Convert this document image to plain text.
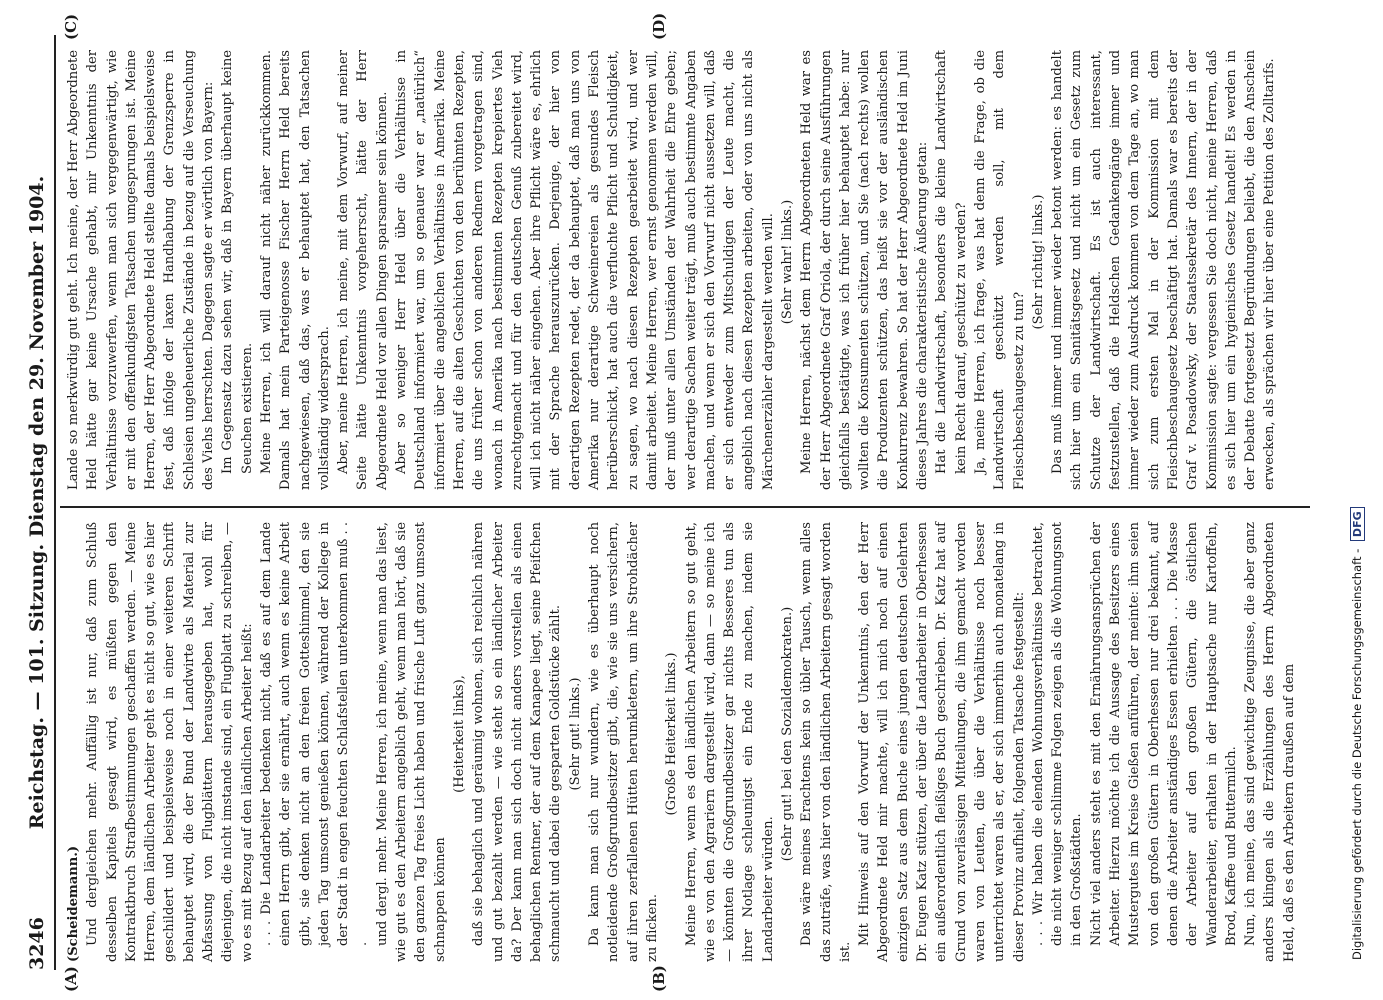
3246
Reichstag. — 101. Sitzung. Dienstag den 29. November 1904.
(A)	(B)
(C)	(D)

(Scheidemann.) Und dergleichen mehr. Auffällig ist nur, daß zum Schluß desselben Kapitels gesagt wird, es müßten gegen den Kontraktbruch Strafbestimmungen geschaffen werden. — Meine Herren, dem ländlichen Arbeiter geht es nicht so gut, wie es hier geschildert und beispielsweise noch in einer weiteren Schrift behauptet wird, die der Bund der Landwirte als Material zur Abfassung von Flugblättern herausgegeben hat, wohl für diejenigen, die nicht imstande sind, ein Flugblatt zu schreiben, — wo es mit Bezug auf den ländlichen Arbeiter heißt: . . . Die Landarbeiter bedenken nicht, daß es auf dem Lande einen Herrn gibt, der sie ernährt, auch wenn es keine Arbeit gibt, sie denken nicht an den freien Gotteshimmel, den sie jeden Tag umsonst genießen können, während der Kollege in der Stadt in engen feuchten Schlafstellen unterkommen muß . . . und dergl. mehr. Meine Herren, ich meine, wenn man das liest, wie gut es den Arbeitern angeblich geht, wenn man hört, daß sie den ganzen Tag freies Licht haben und frische Luft ganz umsonst schnappen können

(Heiterkeit links), daß sie behaglich und geräumig wohnen, sich reichlich nähren und gut bezahlt werden — wie steht so ein ländlicher Arbeiter da? Der kann man sich doch nicht anders vorstellen als einen behaglichen Rentner, der auf dem Kanapee liegt, seine Pfeifchen schmaucht und dabei die gesparten Goldstücke zählt. (Sehr gut! links.) Da kann man sich nur wundern, wie es überhaupt noch notleidende Großgrundbesitzer gibt, die, wie sie uns versichern, auf ihren zerfallenen Hütten herumkletern, um ihre Strohdächer zu flicken.

(Große Heiterkeit links.) Meine Herren, wenn es den ländlichen Arbeitern so gut geht, wie es von den Agrariern dargestellt wird, dann — so meine ich — könnten die Großgrundbesitzer gar nichts Besseres tun als ihrer Notlage schleunigst ein Ende zu machen, indem sie Landarbeiter würden.

(Sehr gut! bei den Sozialdemokraten.) Das wäre meines Erachtens kein so übler Tausch, wenn alles das zuträfe, was hier von den ländlichen Arbeitern gesagt worden ist.

Mit Hinweis auf den Vorwurf der Unkenntnis, den der Herr Abgeordnete Held mir machte, will ich mich noch auf einen einzigen Satz aus dem Buche eines jungen deutschen Gelehrten Dr. Eugen Katz stützen, der über die Landarbeiter in Oberhessen ein außerordentlich fleißiges Buch geschrieben. Dr. Katz hat auf Grund von zuverlässigen Mitteilungen, die ihm gemacht worden waren von Leuten, die über die Verhältnisse noch besser unterrichtet waren als er, der sich immerhin auch monatelang in dieser Provinz aufhielt, folgenden Tatsache festgestellt: . . . Wir haben die elenden Wohnungsverhältnisse betrachtet, die nicht weniger schlimme Folgen zeigen als die Wohnungsnot in den Großstädten. Nicht viel anders steht es mit den Ernährungsansprüchen der Arbeiter. Hierzu möchte ich die Aussage des Besitzers eines Mustergutes im Kreise Gießen anführen, der meinte: ihm seien von den großen Gütern in Oberhessen nur drei bekannt, auf denen die Arbeiter anständiges Essen erhielten . . . Die Masse der Arbeiter auf den großen Gütern, die östlichen Wanderarbeiter, erhalten in der Hauptsache nur Kartoffeln, Brod, Kaffee und Buttermilch. Nun, ich meine, das sind gewichtige Zeugnisse, die aber ganz anders klingen als die Erzählungen des Herrn Abgeordneten Held, daß es den Arbeitern draußen auf dem

Lande so merkwürdig gut geht. Ich meine, der Herr Abgeordnete Held hätte gar keine Ursache gehabt, mir Unkenntnis der Verhältnisse vorzuwerfen, wenn man sich vergegenwärtigt, wie er mit den offenkundigsten Tatsachen umgesprungen ist. Meine Herren, der Herr Abgeordnete Held stellte damals beispielsweise fest, daß infolge der laxen Handhabung der Grenzsperre in Schlesien ungeheuerliche Zustände in bezug auf die Verseuchung des Viehs herrschten. Dagegen sagte er wörtlich von Bayern: Im Gegensatz dazu sehen wir, daß in Bayern überhaupt keine Seuchen existieren. Meine Herren, ich will darauf nicht näher zurückkommen. Damals hat mein Parteigenosse Fischer Herrn Held bereits nachgewiesen, daß das, was er behauptet hat, den Tatsachen vollständig widersprach. Aber, meine Herren, ich meine, mit dem Vorwurf, auf meiner Seite hätte Unkenntnis vorgeherrscht, hätte der Herr Abgeordnete Held vor allen Dingen sparsamer sein können. Aber so weniger Herr Held über die Verhältnisse in Deutschland informiert war, um so genauer war er „natürlich“ informiert über die angeblichen Verhältnisse in Amerika. Meine Herren, auf die alten Geschichten von den berühmten Rezepten, die uns früher schon von anderen Rednern vorgetragen sind, wonach in Amerika nach bestimmten Rezepten krepiertes Vieh zurechtgemacht und für den deutschen Genuß zubereitet wird, will ich nicht näher eingehen. Aber ihre Pflicht wäre es, ehrlich mit der Sprache herauszurücken. Derjenige, der hier von derartigen Rezepten redet, der da behauptet, daß man uns von Amerika nur derartige Schweinereien als gesundes Fleisch herüberschickt, hat auch die verfluchte Pflicht und Schuldigkeit, zu sagen, wo nach diesen Rezepten gearbeitet wird, und wer damit arbeitet. Meine Herren, wer ernst genommen werden will, der muß unter allen Umständen der Wahrheit die Ehre geben; wer derartige Sachen weiter trägt, muß auch bestimmte Angaben machen, und wenn er sich den Vorwurf nicht aussetzen will, daß er sich entweder zum Mitschuldigen der Leute macht, die angeblich nach diesen Rezepten arbeiten, oder von uns nicht als Märchenerzähler dargestellt werden will. (Sehr wahr! links.) Meine Herren, nächst dem Herrn Abgeordneten Held war es der Herr Abgeordnete Graf Oriola, der durch seine Ausführungen gleichfalls bestätigte, was ich früher hier behauptet habe: nur wollten die Konsumenten schützen, und Sie (nach rechts) wollen die Produzenten schützen, das heißt sie vor der ausländischen Konkurrenz bewahren. So hat der Herr Abgeordnete Held im Juni dieses Jahres die charakteristische Äußerung getan: Hat die Landwirtschaft, besonders die kleine Landwirtschaft kein Recht darauf, geschützt zu werden? Ja, meine Herren, ich frage, was hat denn die Frage, ob die Landwirtschaft geschützt werden soll, mit dem Fleischbeschaugesetz zu tun?

(Sehr richtig! links.) Das muß immer und immer wieder betont werden: es handelt sich hier um ein Sanitätsgesetz und nicht um ein Gesetz zum Schutze der Landwirtschaft. Es ist auch interessant, festzustellen, daß die Heldschen Gedankengänge immer und immer wieder zum Ausdruck kommen von dem Tage an, wo man sich zum ersten Mal in der Kommission mit dem Fleischbeschaugesetz beschäftigt hat. Damals war es bereits der Graf v. Posadowsky, der Staatssekretär des Innern, der in der Kommission sagte: vergessen Sie doch nicht, meine Herren, daß es sich hier um ein hygienisches Gesetz handelt! Es werden in der Debatte fortgesetzt Begründungen beliebt, die den Anschein erwecken, als sprächen wir hier über eine Petition des Zolltarifs.

Digitalisierung gefördert durch die Deutsche Forschungsgemeinschaft - DFG
